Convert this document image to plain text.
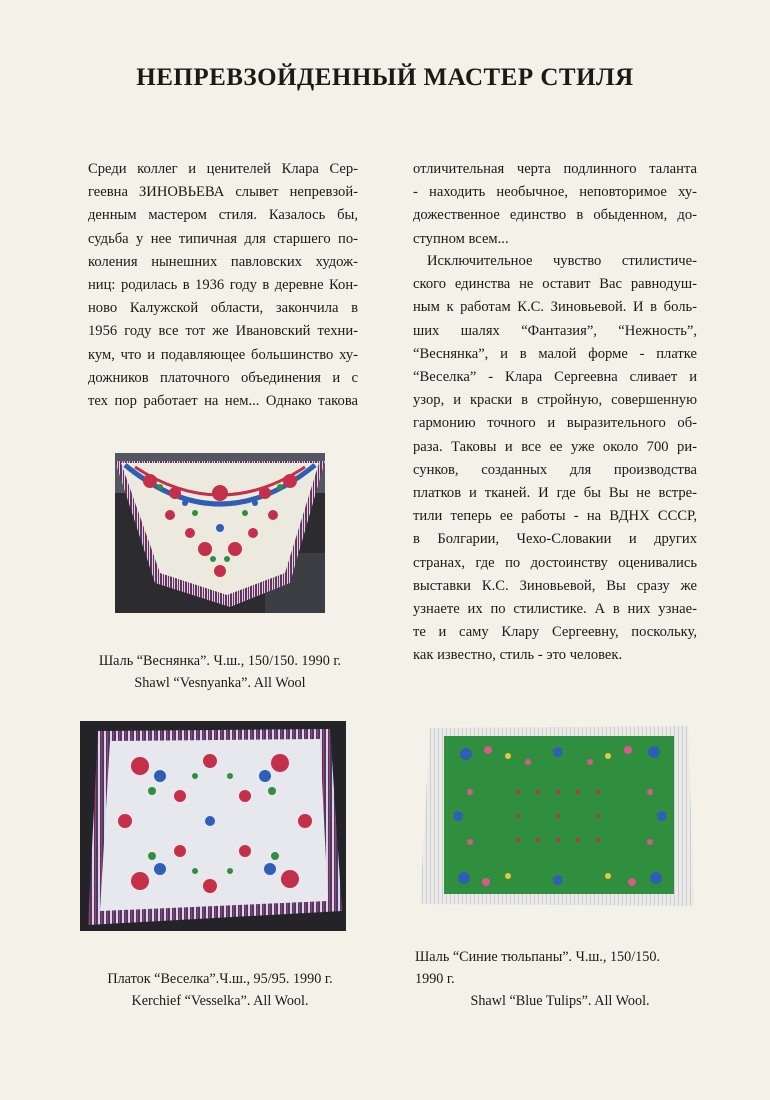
НЕПРЕВЗОЙДЕННЫЙ МАСТЕР СТИЛЯ
Среди коллег и ценителей Клара Сер-
геевна ЗИНОВЬЕВА слывет непревзой-
денным мастером стиля. Казалось бы,
судьба у нее типичная для старшего по-
коления нынешних павловских худож-
ниц: родилась в 1936 году в деревне Кон-
ново Калужской области, закончила в
1956 году все тот же Ивановский техни-
кум, что и подавляющее большинство ху-
дожников платочного объединения и с
тех пор работает на нем... Однако такова
отличительная черта подлинного таланта
- находить необычное, неповторимое ху-
дожественное единство в обыденном, до-
ступном всем...
Исключительное чувство стилистиче-
ского единства не оставит Вас равнодуш-
ным к работам К.С. Зиновьевой. И в боль-
ших шалях “Фантазия”, “Нежность”,
“Веснянка”, и в малой форме - платке
“Веселка” - Клара Сергеевна сливает и
узор, и краски в стройную, совершенную
гармонию точного и выразительного об-
раза. Таковы и все ее уже около 700 ри-
сунков, созданных для производства
платков и тканей. И где бы Вы не встре-
тили теперь ее работы - на ВДНХ СССР,
в Болгарии, Чехо-Словакии и других
странах, где по достоинству оценивались
выставки К.С. Зиновьевой, Вы сразу же
узнаете их по стилистике. А в них узнае-
те и саму Клару Сергеевну, поскольку,
как известно, стиль - это человек.
Шаль “Веснянка”. Ч.ш., 150/150. 1990 г.
Shawl “Vesnyanka”. All Wool
Платок “Веселка”.Ч.ш., 95/95. 1990 г.
Kerchief “Vesselka”. All Wool.
Шаль “Синие тюльпаны”. Ч.ш., 150/150.
1990 г.
Shawl “Blue Tulips”. All Wool.
